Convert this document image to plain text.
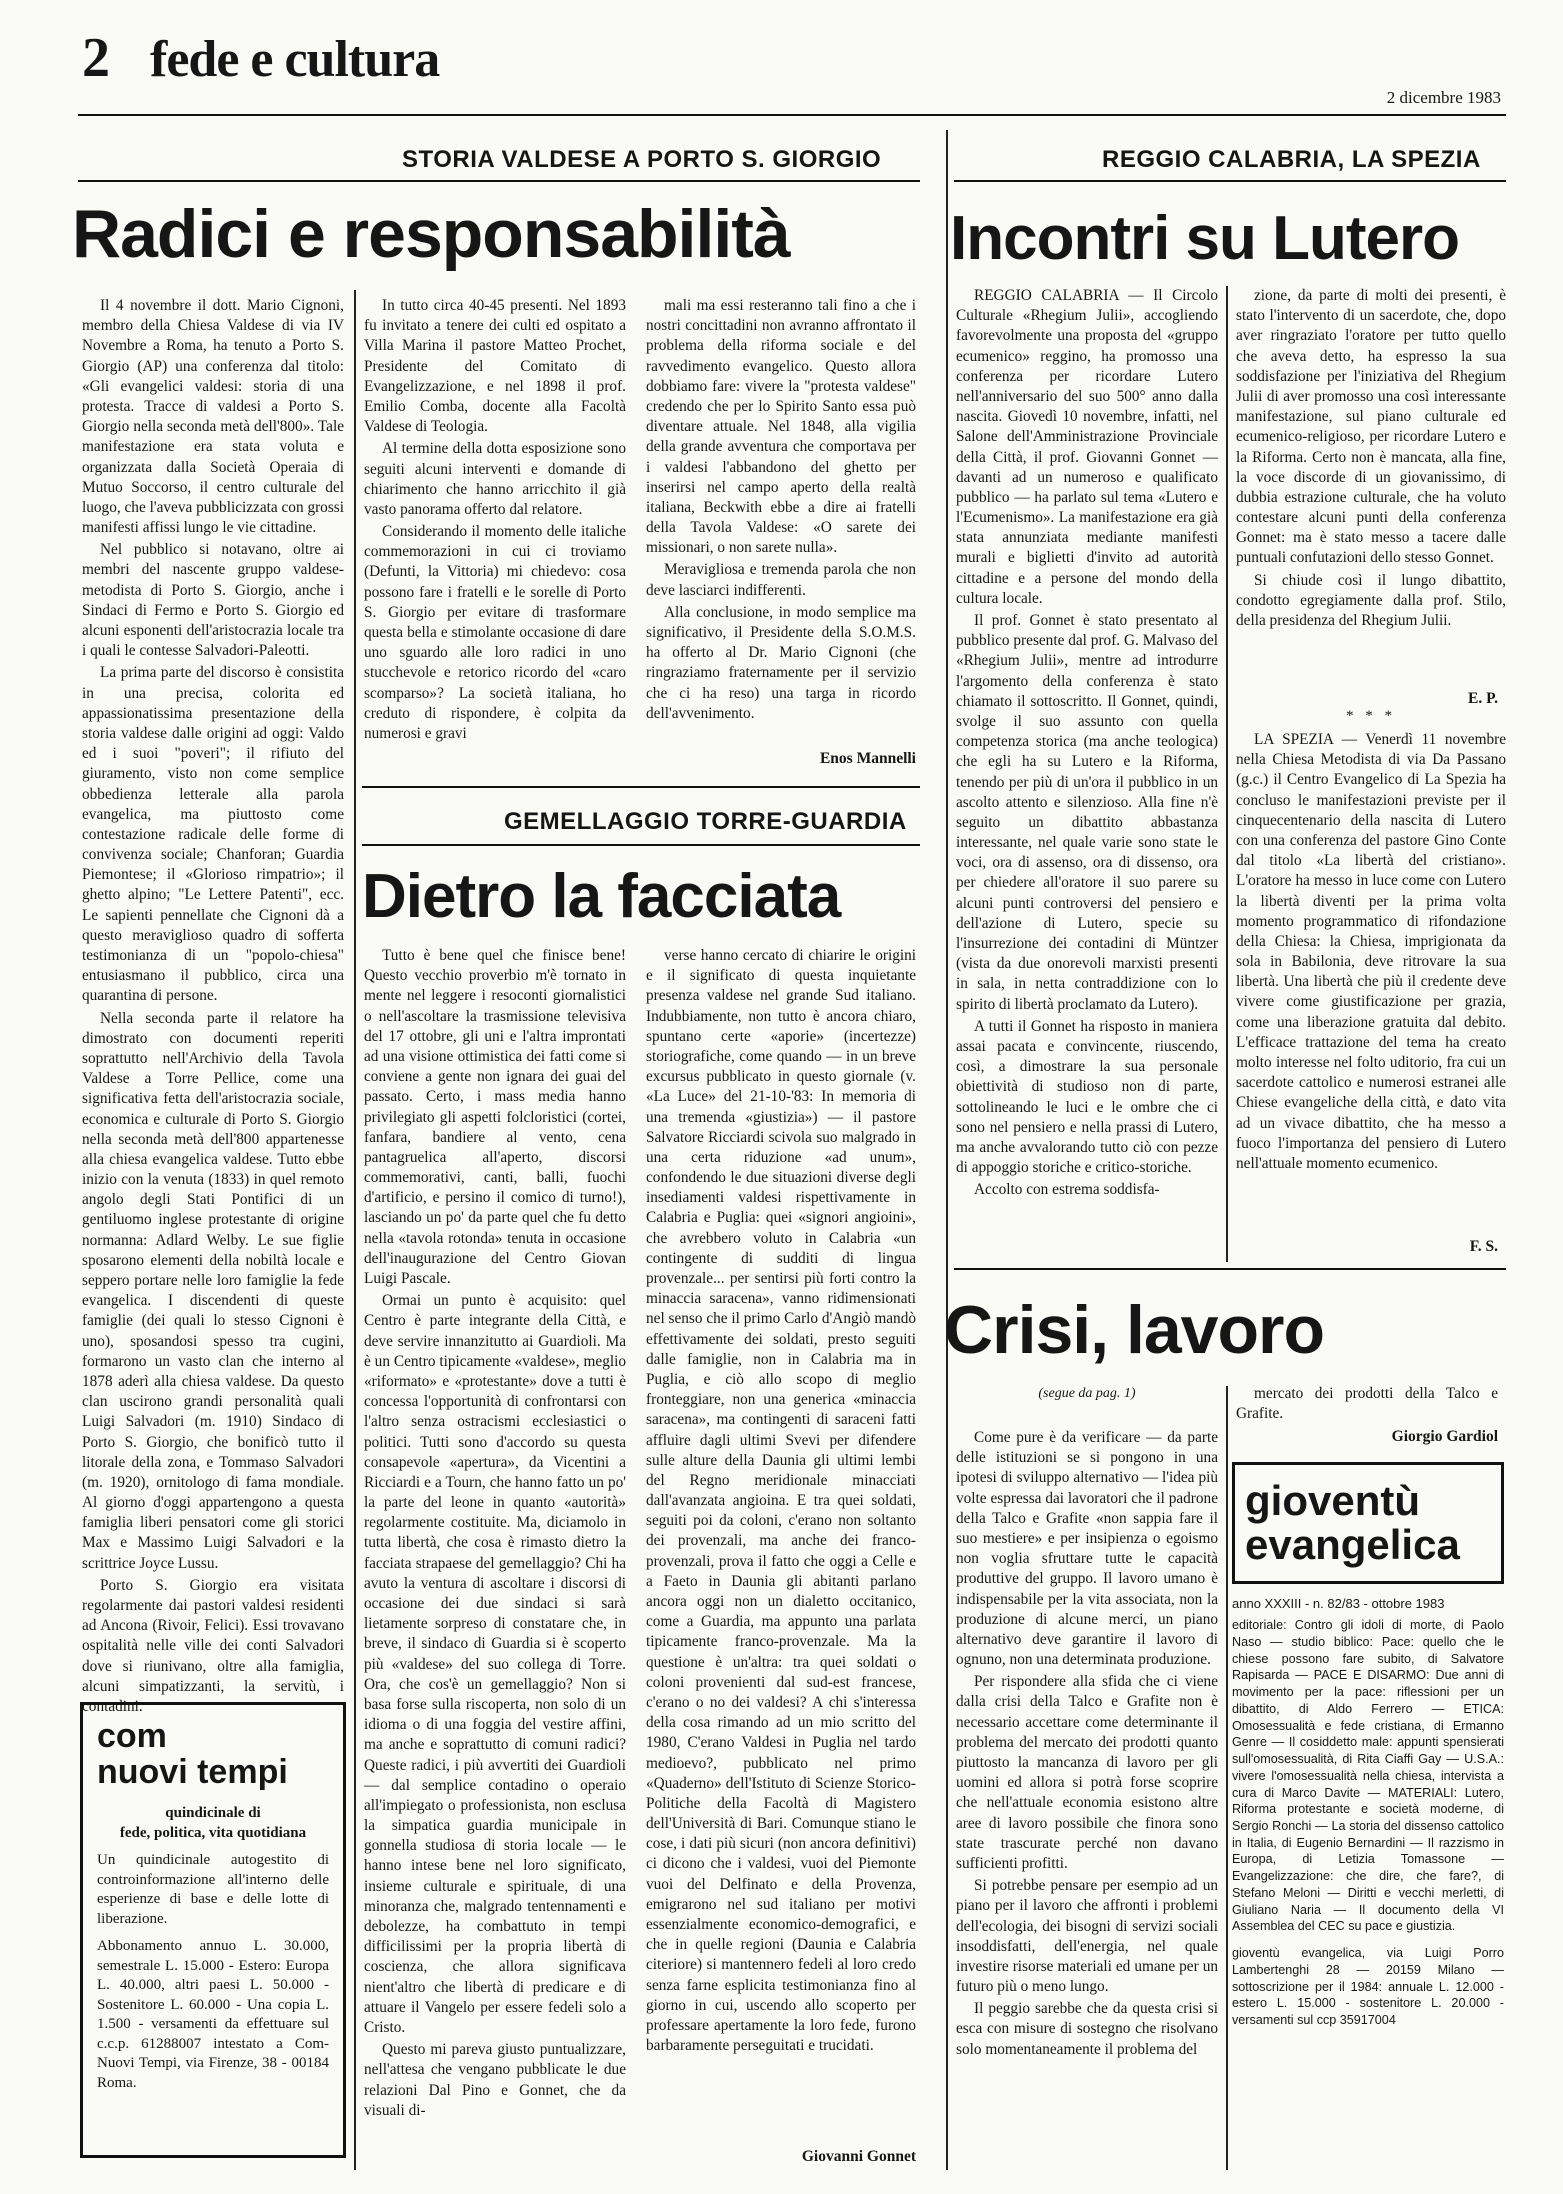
2 fede e cultura
2 dicembre 1983
STORIA VALDESE A PORTO S. GIORGIO
Radici e responsabilità

Il 4 novembre il dott. Mario Cignoni, membro della Chiesa Valdese di via IV Novembre a Roma, ha tenuto a Porto S. Giorgio (AP) una conferenza dal titolo: «Gli evangelici valdesi: storia di una protesta. Tracce di valdesi a Porto S. Giorgio nella seconda metà dell'800». Tale manifestazione era stata voluta e organizzata dalla Società Operaia di Mutuo Soccorso, il centro culturale del luogo, che l'aveva pubblicizzata con grossi manifesti affissi lungo le vie cittadine.

Nel pubblico si notavano, oltre ai membri del nascente gruppo valdese-metodista di Porto S. Giorgio, anche i Sindaci di Fermo e Porto S. Giorgio ed alcuni esponenti dell'aristocrazia locale tra i quali le contesse Salvadori-Paleotti.

La prima parte del discorso è consistita in una precisa, colorita ed appassionatissima presentazione della storia valdese dalle origini ad oggi: Valdo ed i suoi "poveri"; il rifiuto del giuramento, visto non come semplice obbedienza letterale alla parola evangelica, ma piuttosto come contestazione radicale delle forme di convivenza sociale; Chanforan; Guardia Piemontese; il «Glorioso rimpatrio»; il ghetto alpino; "Le Lettere Patenti", ecc. Le sapienti pennellate che Cignoni dà a questo meraviglioso quadro di sofferta testimonianza di un "popolo-chiesa" entusiasmano il pubblico, circa una quarantina di persone.

Nella seconda parte il relatore ha dimostrato con documenti reperiti soprattutto nell'Archivio della Tavola Valdese a Torre Pellice, come una significativa fetta dell'aristocrazia sociale, economica e culturale di Porto S. Giorgio nella seconda metà dell'800 appartenesse alla chiesa evangelica valdese. Tutto ebbe inizio con la venuta (1833) in quel remoto angolo degli Stati Pontifici di un gentiluomo inglese protestante di origine normanna: Adlard Welby. Le sue figlie sposarono elementi della nobiltà locale e seppero portare nelle loro famiglie la fede evangelica. I discendenti di queste famiglie (dei quali lo stesso Cignoni è uno), sposandosi spesso tra cugini, formarono un vasto clan che interno al 1878 aderì alla chiesa valdese. Da questo clan uscirono grandi personalità quali Luigi Salvadori (m. 1910) Sindaco di Porto S. Giorgio, che bonificò tutto il litorale della zona, e Tommaso Salvadori (m. 1920), ornitologo di fama mondiale. Al giorno d'oggi appartengono a questa famiglia liberi pensatori come gli storici Max e Massimo Luigi Salvadori e la scrittrice Joyce Lussu.

Porto S. Giorgio era visitata regolarmente dai pastori valdesi residenti ad Ancona (Rivoir, Felici). Essi trovavano ospitalità nelle ville dei conti Salvadori dove si riunivano, oltre alla famiglia, alcuni simpatizzanti, la servitù, i contadini.

In tutto circa 40-45 presenti. Nel 1893 fu invitato a tenere dei culti ed ospitato a Villa Marina il pastore Matteo Prochet, Presidente del Comitato di Evangelizzazione, e nel 1898 il prof. Emilio Comba, docente alla Facoltà Valdese di Teologia.

Al termine della dotta esposizione sono seguiti alcuni interventi e domande di chiarimento che hanno arricchito il già vasto panorama offerto dal relatore.

Considerando il momento delle italiche commemorazioni in cui ci troviamo (Defunti, la Vittoria) mi chiedevo: cosa possono fare i fratelli e le sorelle di Porto S. Giorgio per evitare di trasformare questa bella e stimolante occasione di dare uno sguardo alle loro radici in uno stucchevole e retorico ricordo del «caro scomparso»? La società italiana, ho creduto di rispondere, è colpita da numerosi e gravi

mali ma essi resteranno tali fino a che i nostri concittadini non avranno affrontato il problema della riforma sociale e del ravvedimento evangelico. Questo allora dobbiamo fare: vivere la "protesta valdese" credendo che per lo Spirito Santo essa può diventare attuale. Nel 1848, alla vigilia della grande avventura che comportava per i valdesi l'abbandono del ghetto per inserirsi nel campo aperto della realtà italiana, Beckwith ebbe a dire ai fratelli della Tavola Valdese: «O sarete dei missionari, o non sarete nulla».

Meravigliosa e tremenda parola che non deve lasciarci indifferenti.

Alla conclusione, in modo semplice ma significativo, il Presidente della S.O.M.S. ha offerto al Dr. Mario Cignoni (che ringraziamo fraternamente per il servizio che ci ha reso) una targa in ricordo dell'avvenimento.

Enos Mannelli
GEMELLAGGIO TORRE-GUARDIA
Dietro la facciata

Tutto è bene quel che finisce bene! Questo vecchio proverbio m'è tornato in mente nel leggere i resoconti giornalistici o nell'ascoltare la trasmissione televisiva del 17 ottobre, gli uni e l'altra improntati ad una visione ottimistica dei fatti come si conviene a gente non ignara dei guai del passato. Certo, i mass media hanno privilegiato gli aspetti folcloristici (cortei, fanfara, bandiere al vento, cena pantagruelica all'aperto, discorsi commemorativi, canti, balli, fuochi d'artificio, e persino il comico di turno!), lasciando un po' da parte quel che fu detto nella «tavola rotonda» tenuta in occasione dell'inaugurazione del Centro Giovan Luigi Pascale.

Ormai un punto è acquisito: quel Centro è parte integrante della Città, e deve servire innanzitutto ai Guardioli. Ma è un Centro tipicamente «valdese», meglio «riformato» e «protestante» dove a tutti è concessa l'opportunità di confrontarsi con l'altro senza ostracismi ecclesiastici o politici. Tutti sono d'accordo su questa consapevole «apertura», da Vicentini a Ricciardi e a Tourn, che hanno fatto un po' la parte del leone in quanto «autorità» regolarmente costituite. Ma, diciamolo in tutta libertà, che cosa è rimasto dietro la facciata strapaese del gemellaggio? Chi ha avuto la ventura di ascoltare i discorsi di occasione dei due sindaci si sarà lietamente sorpreso di constatare che, in breve, il sindaco di Guardia si è scoperto più «valdese» del suo collega di Torre. Ora, che cos'è un gemellaggio? Non si basa forse sulla riscoperta, non solo di un idioma o di una foggia del vestire affini, ma anche e soprattutto di comuni radici? Queste radici, i più avvertiti dei Guardioli — dal semplice contadino o operaio all'impiegato o professionista, non esclusa la simpatica guardia municipale in gonnella studiosa di storia locale — le hanno intese bene nel loro significato, insieme culturale e spirituale, di una minoranza che, malgrado tentennamenti e debolezze, ha combattuto in tempi difficilissimi per la propria libertà di coscienza, che allora significava nient'altro che libertà di predicare e di attuare il Vangelo per essere fedeli solo a Cristo.

Questo mi pareva giusto puntualizzare, nell'attesa che vengano pubblicate le due relazioni Dal Pino e Gonnet, che da visuali di-

verse hanno cercato di chiarire le origini e il significato di questa inquietante presenza valdese nel grande Sud italiano. Indubbiamente, non tutto è ancora chiaro, spuntano certe «aporie» (incertezze) storiografiche, come quando — in un breve excursus pubblicato in questo giornale (v. «La Luce» del 21-10-'83: In memoria di una tremenda «giustizia») — il pastore Salvatore Ricciardi scivola suo malgrado in una certa riduzione «ad unum», confondendo le due situazioni diverse degli insediamenti valdesi rispettivamente in Calabria e Puglia: quei «signori angioini», che avrebbero voluto in Calabria «un contingente di sudditi di lingua provenzale... per sentirsi più forti contro la minaccia saracena», vanno ridimensionati nel senso che il primo Carlo d'Angiò mandò effettivamente dei soldati, presto seguiti dalle famiglie, non in Calabria ma in Puglia, e ciò allo scopo di meglio fronteggiare, non una generica «minaccia saracena», ma contingenti di saraceni fatti affluire dagli ultimi Svevi per difendere sulle alture della Daunia gli ultimi lembi del Regno meridionale minacciati dall'avanzata angioina. E tra quei soldati, seguiti poi da coloni, c'erano non soltanto dei provenzali, ma anche dei franco-provenzali, prova il fatto che oggi a Celle e a Faeto in Daunia gli abitanti parlano ancora oggi non un dialetto occitanico, come a Guardia, ma appunto una parlata tipicamente franco-provenzale. Ma la questione è un'altra: tra quei soldati o coloni provenienti dal sud-est francese, c'erano o no dei valdesi? A chi s'interessa della cosa rimando ad un mio scritto del 1980, C'erano Valdesi in Puglia nel tardo medioevo?, pubblicato nel primo «Quaderno» dell'Istituto di Scienze Storico-Politiche della Facoltà di Magistero dell'Università di Bari. Comunque stiano le cose, i dati più sicuri (non ancora definitivi) ci dicono che i valdesi, vuoi del Piemonte vuoi del Delfinato e della Provenza, emigrarono nel sud italiano per motivi essenzialmente economico-demografici, e che in quelle regioni (Daunia e Calabria citeriore) si mantennero fedeli al loro credo senza farne esplicita testimonianza fino al giorno in cui, uscendo allo scoperto per professare apertamente la loro fede, furono barbaramente perseguitati e trucidati.

Giovanni Gonnet
com
nuovi tempi
quindicinale di
fede, politica, vita quotidiana
Un quindicinale autogestito di controinformazione all'interno delle esperienze di base e delle lotte di liberazione.
Abbonamento annuo L. 30.000, semestrale L. 15.000 - Estero: Europa L. 40.000, altri paesi L. 50.000 - Sostenitore L. 60.000 - Una copia L. 1.500 - versamenti da effettuare sul c.c.p. 61288007 intestato a Com-Nuovi Tempi, via Firenze, 38 - 00184 Roma.
REGGIO CALABRIA, LA SPEZIA
Incontri su Lutero

REGGIO CALABRIA — Il Circolo Culturale «Rhegium Julii», accogliendo favorevolmente una proposta del «gruppo ecumenico» reggino, ha promosso una conferenza per ricordare Lutero nell'anniversario del suo 500° anno dalla nascita. Giovedì 10 novembre, infatti, nel Salone dell'Amministrazione Provinciale della Città, il prof. Giovanni Gonnet — davanti ad un numeroso e qualificato pubblico — ha parlato sul tema «Lutero e l'Ecumenismo». La manifestazione era già stata annunziata mediante manifesti murali e biglietti d'invito ad autorità cittadine e a persone del mondo della cultura locale.

Il prof. Gonnet è stato presentato al pubblico presente dal prof. G. Malvaso del «Rhegium Julii», mentre ad introdurre l'argomento della conferenza è stato chiamato il sottoscritto. Il Gonnet, quindi, svolge il suo assunto con quella competenza storica (ma anche teologica) che egli ha su Lutero e la Riforma, tenendo per più di un'ora il pubblico in un ascolto attento e silenzioso. Alla fine n'è seguito un dibattito abbastanza interessante, nel quale varie sono state le voci, ora di assenso, ora di dissenso, ora per chiedere all'oratore il suo parere su alcuni punti controversi del pensiero e dell'azione di Lutero, specie su l'insurrezione dei contadini di Müntzer (vista da due onorevoli marxisti presenti in sala, in netta contraddizione con lo spirito di libertà proclamato da Lutero).

A tutti il Gonnet ha risposto in maniera assai pacata e convincente, riuscendo, così, a dimostrare la sua personale obiettività di studioso non di parte, sottolineando le luci e le ombre che ci sono nel pensiero e nella prassi di Lutero, ma anche avvalorando tutto ciò con pezze di appoggio storiche e critico-storiche.

Accolto con estrema soddisfa-

zione, da parte di molti dei presenti, è stato l'intervento di un sacerdote, che, dopo aver ringraziato l'oratore per tutto quello che aveva detto, ha espresso la sua soddisfazione per l'iniziativa del Rhegium Julii di aver promosso una così interessante manifestazione, sul piano culturale ed ecumenico-religioso, per ricordare Lutero e la Riforma. Certo non è mancata, alla fine, la voce discorde di un giovanissimo, di dubbia estrazione culturale, che ha voluto contestare alcuni punti della conferenza Gonnet: ma è stato messo a tacere dalle puntuali confutazioni dello stesso Gonnet.

Si chiude così il lungo dibattito, condotto egregiamente dalla prof. Stilo, della presidenza del Rhegium Julii.

E. P.
* * *

LA SPEZIA — Venerdì 11 novembre nella Chiesa Metodista di via Da Passano (g.c.) il Centro Evangelico di La Spezia ha concluso le manifestazioni previste per il cinquecentenario della nascita di Lutero con una conferenza del pastore Gino Conte dal titolo «La libertà del cristiano». L'oratore ha messo in luce come con Lutero la libertà diventi per la prima volta momento programmatico di rifondazione della Chiesa: la Chiesa, imprigionata da sola in Babilonia, deve ritrovare la sua libertà. Una libertà che più il credente deve vivere come giustificazione per grazia, come una liberazione gratuita dal debito. L'efficace trattazione del tema ha creato molto interesse nel folto uditorio, fra cui un sacerdote cattolico e numerosi estranei alle Chiese evangeliche della città, e dato vita ad un vivace dibattito, che ha messo a fuoco l'importanza del pensiero di Lutero nell'attuale momento ecumenico.

F. S.
Crisi, lavoro
(segue da pag. 1)

Come pure è da verificare — da parte delle istituzioni se si pongono in una ipotesi di sviluppo alternativo — l'idea più volte espressa dai lavoratori che il padrone della Talco e Grafite «non sappia fare il suo mestiere» e per insipienza o egoismo non voglia sfruttare tutte le capacità produttive del gruppo. Il lavoro umano è indispensabile per la vita associata, non la produzione di alcune merci, un piano alternativo deve garantire il lavoro di ognuno, non una determinata produzione.

Per rispondere alla sfida che ci viene dalla crisi della Talco e Grafite non è necessario accettare come determinante il problema del mercato dei prodotti quanto piuttosto la mancanza di lavoro per gli uomini ed allora si potrà forse scoprire che nell'attuale economia esistono altre aree di lavoro possibile che finora sono state trascurate perché non davano sufficienti profitti.

Si potrebbe pensare per esempio ad un piano per il lavoro che affronti i problemi dell'ecologia, dei bisogni di servizi sociali insoddisfatti, dell'energia, nel quale investire risorse materiali ed umane per un futuro più o meno lungo.

Il peggio sarebbe che da questa crisi si esca con misure di sostegno che risolvano solo momentaneamente il problema del

mercato dei prodotti della Talco e Grafite.

Giorgio Gardiol
gioventù
evangelica
anno XXXIII - n. 82/83 - ottobre 1983
editoriale: Contro gli idoli di morte, di Paolo Naso — studio biblico: Pace: quello che le chiese possono fare subito, di Salvatore Rapisarda — PACE E DISARMO: Due anni di movimento per la pace: riflessioni per un dibattito, di Aldo Ferrero — ETICA: Omosessualità e fede cristiana, di Ermanno Genre — Il cosiddetto male: appunti spensierati sull'omosessualità, di Rita Ciaffi Gay — U.S.A.: vivere l'omosessualità nella chiesa, intervista a cura di Marco Davite — MATERIALI: Lutero, Riforma protestante e società moderne, di Sergio Ronchi — La storia del dissenso cattolico in Italia, di Eugenio Bernardini — Il razzismo in Europa, di Letizia Tomassone — Evangelizzazione: che dire, che fare?, di Stefano Meloni — Diritti e vecchi merletti, di Giuliano Naria — Il documento della VI Assemblea del CEC su pace e giustizia.
gioventù evangelica, via Luigi Porro Lambertenghi 28 — 20159 Milano — sottoscrizione per il 1984: annuale L. 12.000 - estero L. 15.000 - sostenitore L. 20.000 - versamenti sul ccp 35917004
